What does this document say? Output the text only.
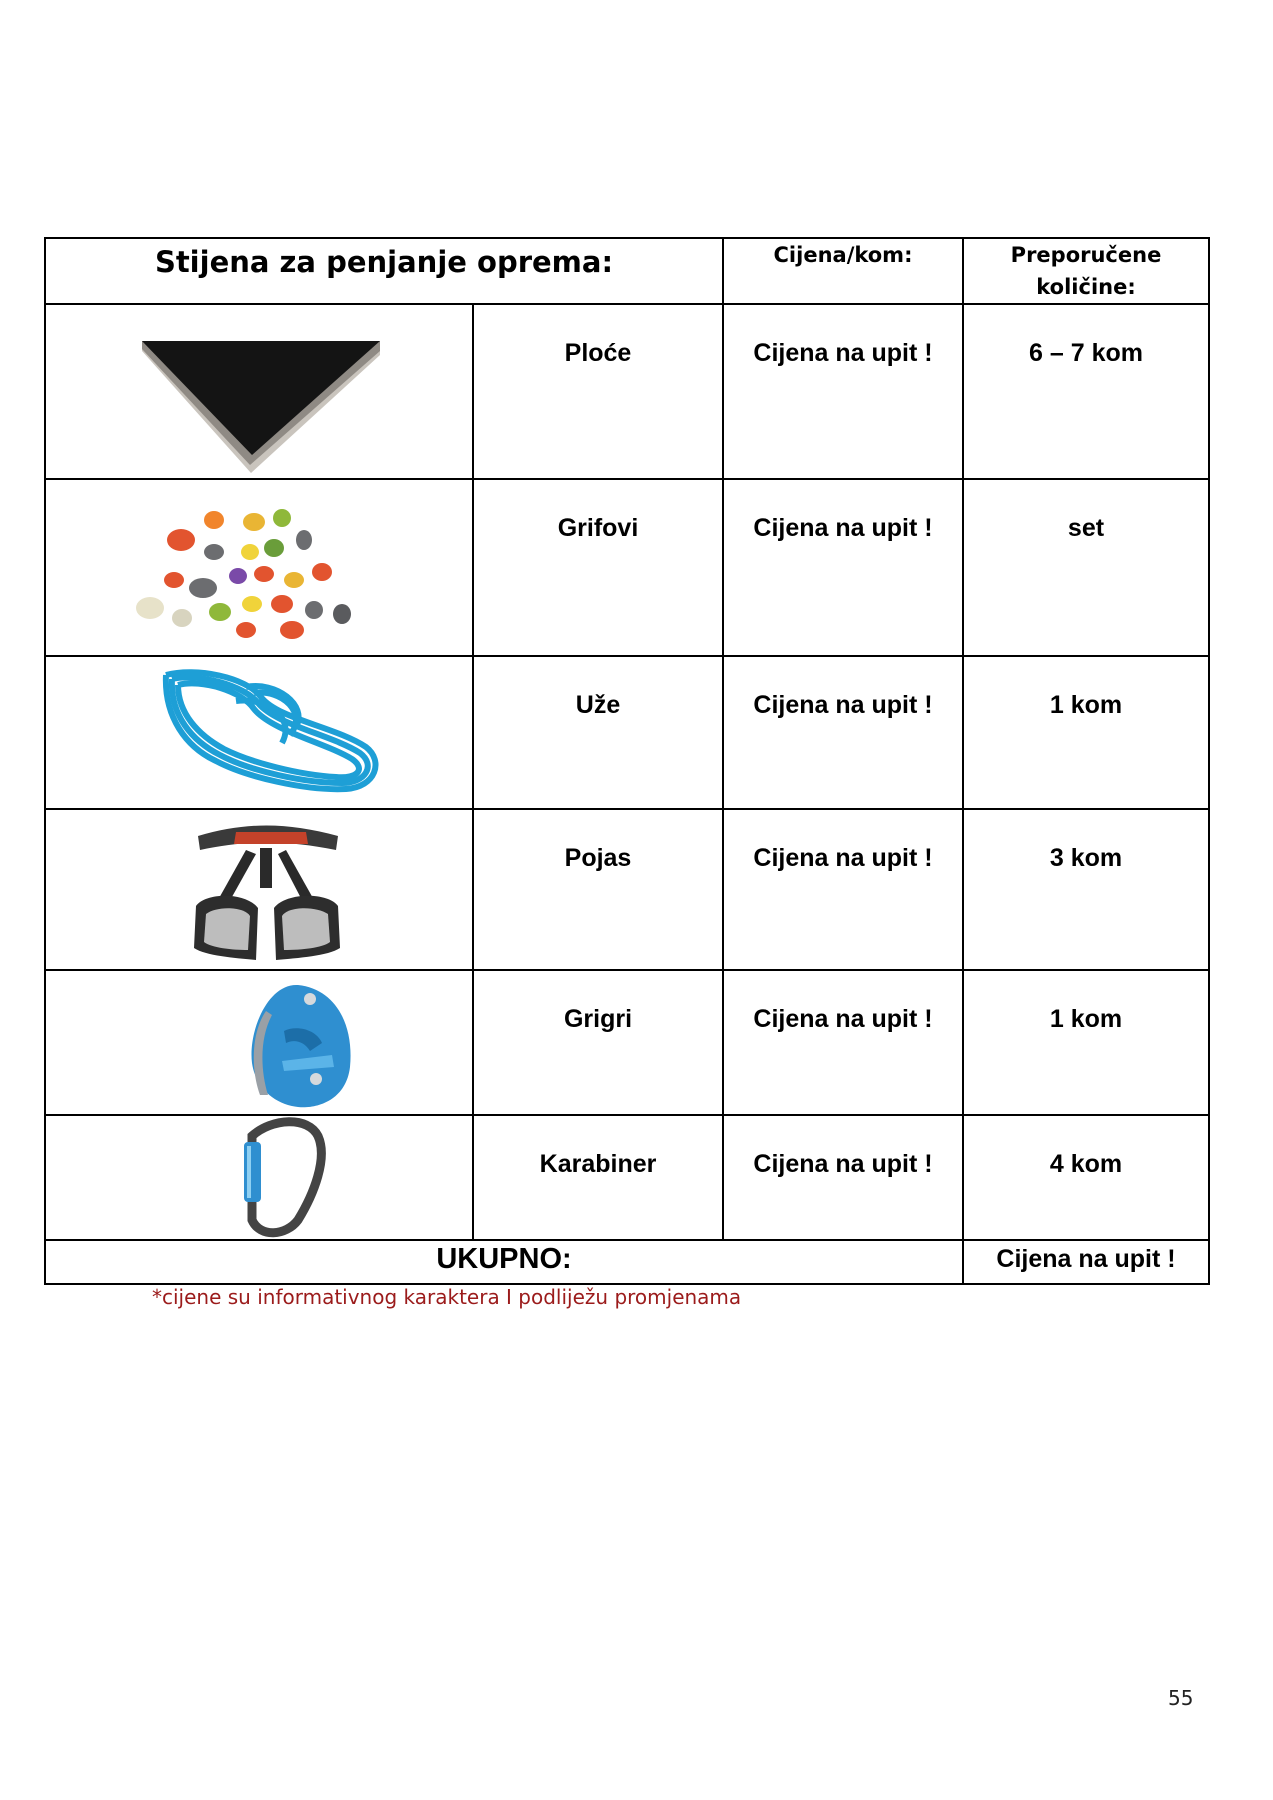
Stijena za penjanje oprema:		Cijena/kom:	Preporučene
količine:

	Ploće	Cijena na upit !	6 – 7 kom

	Grifovi	Cijena na upit !	set

	Uže	Cijena na upit !	1 kom

	Pojas	Cijena na upit !	3 kom

	Grigri	Cijena na upit !	1 kom

	Karabiner	Cijena na upit !	4 kom
UKUPNO:			Cijena na upit !
*cijene su informativnog karaktera I podliježu promjenama
55
